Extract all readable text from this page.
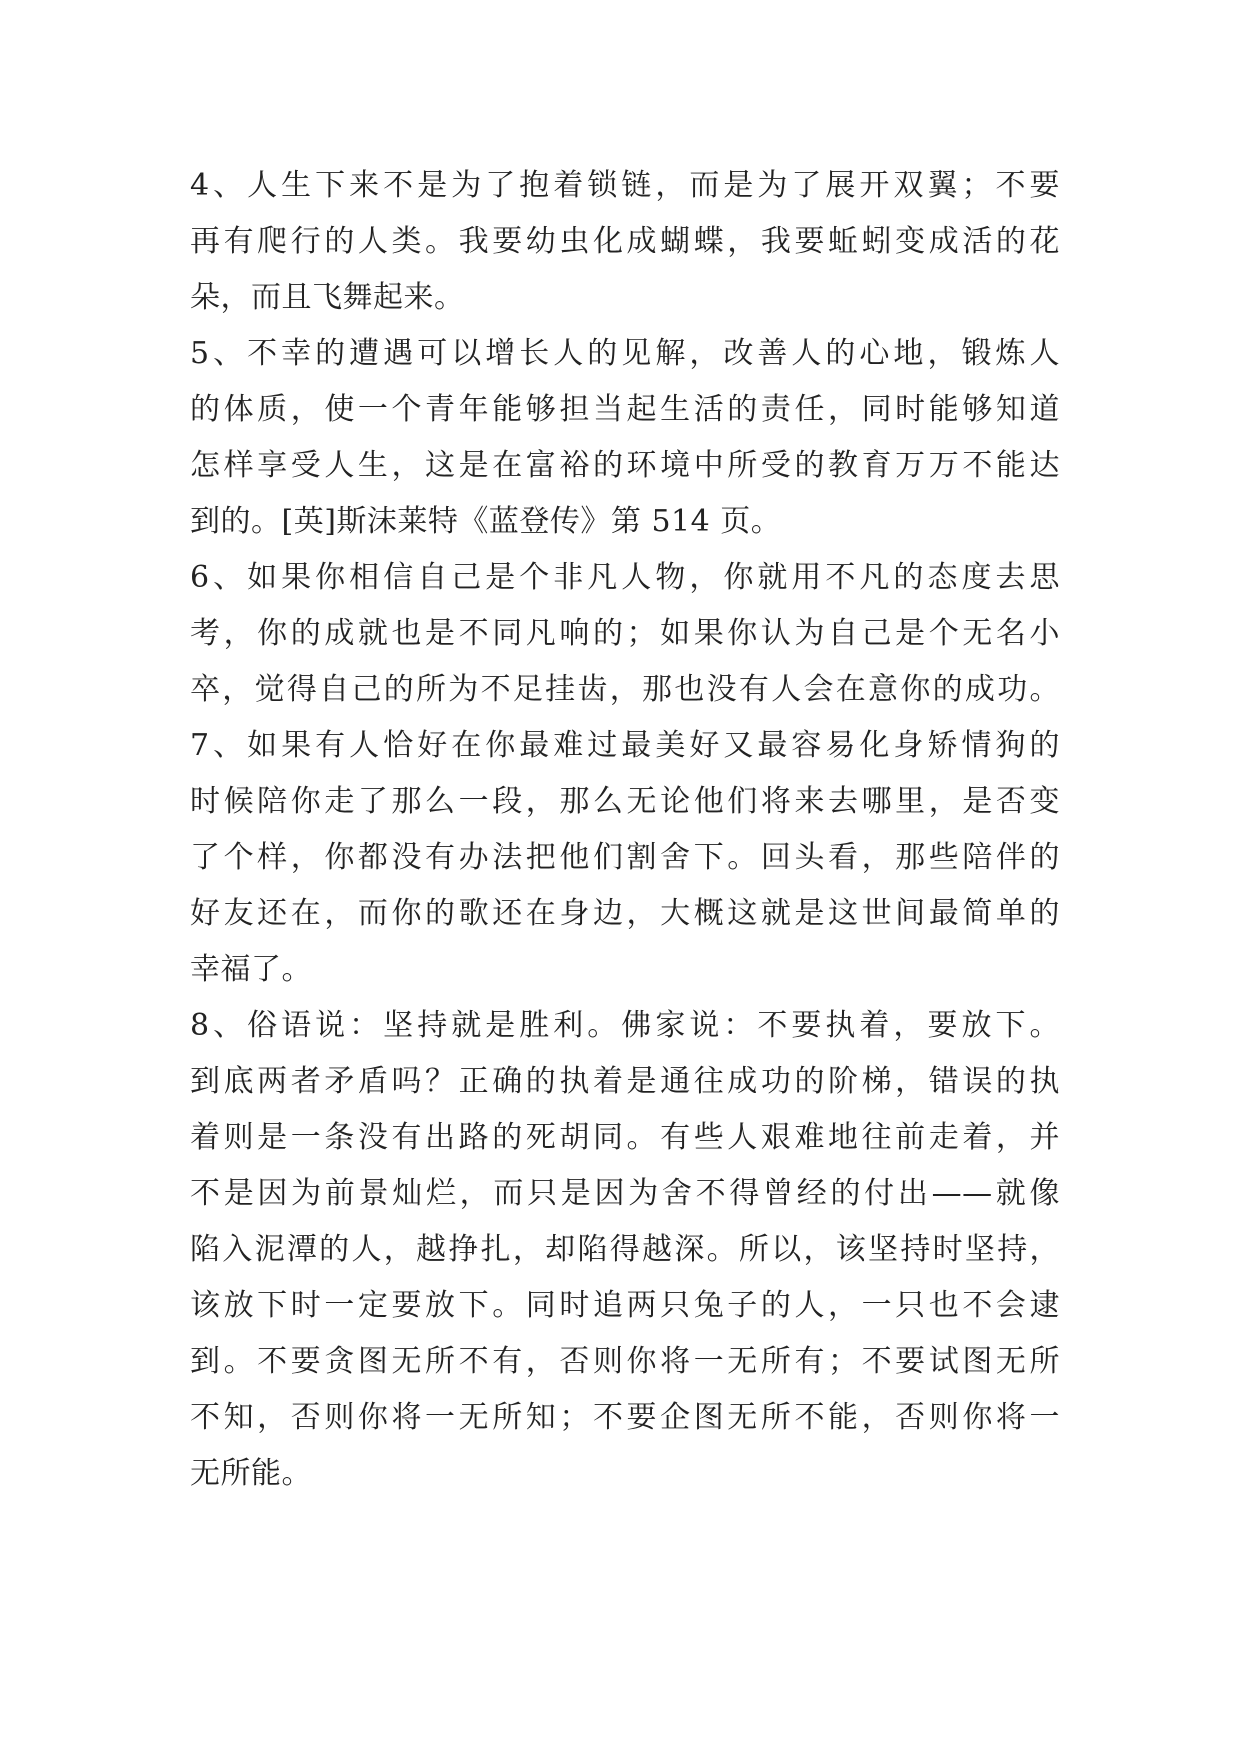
4、人生下来不是为了抱着锁链，而是为了展开双翼；不要
再有爬行的人类。我要幼虫化成蝴蝶，我要蚯蚓变成活的花
朵，而且飞舞起来。
5、不幸的遭遇可以增长人的见解，改善人的心地，锻炼人
的体质，使一个青年能够担当起生活的责任，同时能够知道
怎样享受人生，这是在富裕的环境中所受的教育万万不能达
到的。[英]斯沫莱特《蓝登传》第 514 页。
6、如果你相信自己是个非凡人物，你就用不凡的态度去思
考，你的成就也是不同凡响的；如果你认为自己是个无名小
卒，觉得自己的所为不足挂齿，那也没有人会在意你的成功。
7、如果有人恰好在你最难过最美好又最容易化身矫情狗的
时候陪你走了那么一段，那么无论他们将来去哪里，是否变
了个样，你都没有办法把他们割舍下。回头看，那些陪伴的
好友还在，而你的歌还在身边，大概这就是这世间最简单的
幸福了。
8、俗语说：坚持就是胜利。佛家说：不要执着，要放下。
到底两者矛盾吗？正确的执着是通往成功的阶梯，错误的执
着则是一条没有出路的死胡同。有些人艰难地往前走着，并
不是因为前景灿烂，而只是因为舍不得曾经的付出——就像
陷入泥潭的人，越挣扎，却陷得越深。所以，该坚持时坚持，
该放下时一定要放下。同时追两只兔子的人，一只也不会逮
到。不要贪图无所不有，否则你将一无所有；不要试图无所
不知，否则你将一无所知；不要企图无所不能，否则你将一
无所能。
